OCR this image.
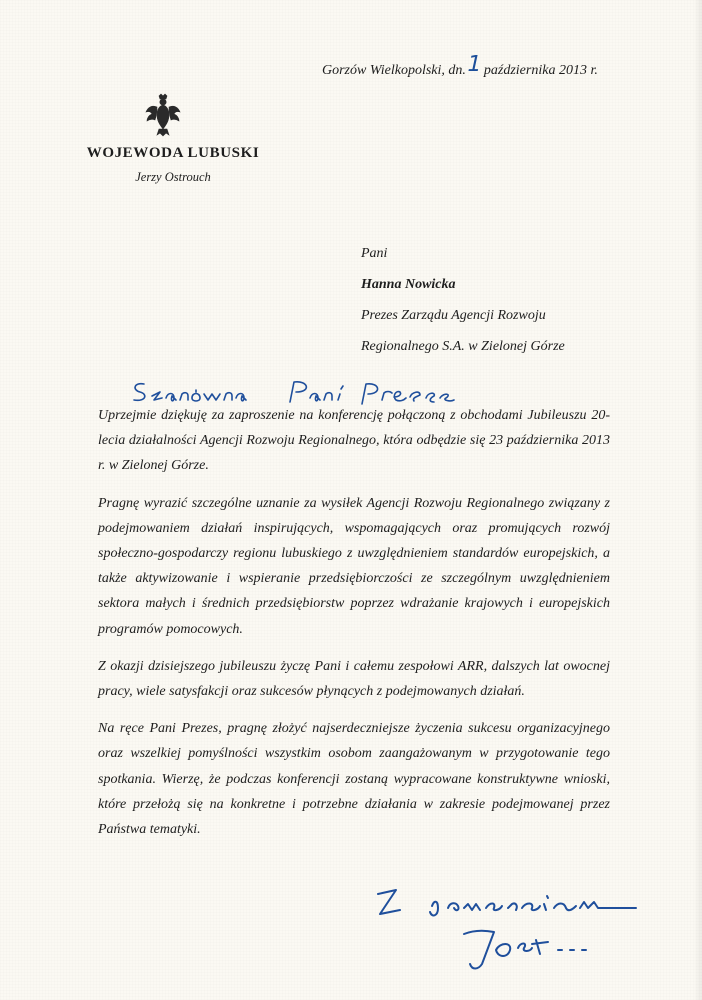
Gorzów Wielkopolski, dn.1października 2013 r.
WOJEWODA LUBUSKI
Jerzy Ostrouch
Pani
Hanna Nowicka
Prezes Zarządu Agencji Rozwoju
Regionalnego S.A. w Zielonej Górze

Uprzejmie dziękuję za zaproszenie na konferencję połączoną z obchodami Jubileuszu 20-lecia działalności Agencji Rozwoju Regionalnego, która odbędzie się 23 października 2013 r. w Zielonej Górze.

Pragnę wyrazić szczególne uznanie za wysiłek Agencji Rozwoju Regionalnego związany z podejmowaniem działań inspirujących, wspomagających oraz promujących rozwój społeczno-gospodarczy regionu lubuskiego z uwzględnieniem standardów europejskich, a także aktywizowanie i wspieranie przedsiębiorczości ze szczególnym uwzględnieniem sektora małych i średnich przedsiębiorstw poprzez wdrażanie krajowych i europejskich programów pomocowych.

Z okazji dzisiejszego jubileuszu życzę Pani i całemu zespołowi ARR, dalszych lat owocnej pracy, wiele satysfakcji oraz sukcesów płynących z podejmowanych działań.

Na ręce Pani Prezes, pragnę złożyć najserdeczniejsze życzenia sukcesu organizacyjnego oraz wszelkiej pomyślności wszystkim osobom zaangażowanym w przygotowanie tego spotkania. Wierzę, że podczas konferencji zostaną wypracowane konstruktywne wnioski, które przełożą się na konkretne i potrzebne działania w zakresie podejmowanej przez Państwa tematyki.
